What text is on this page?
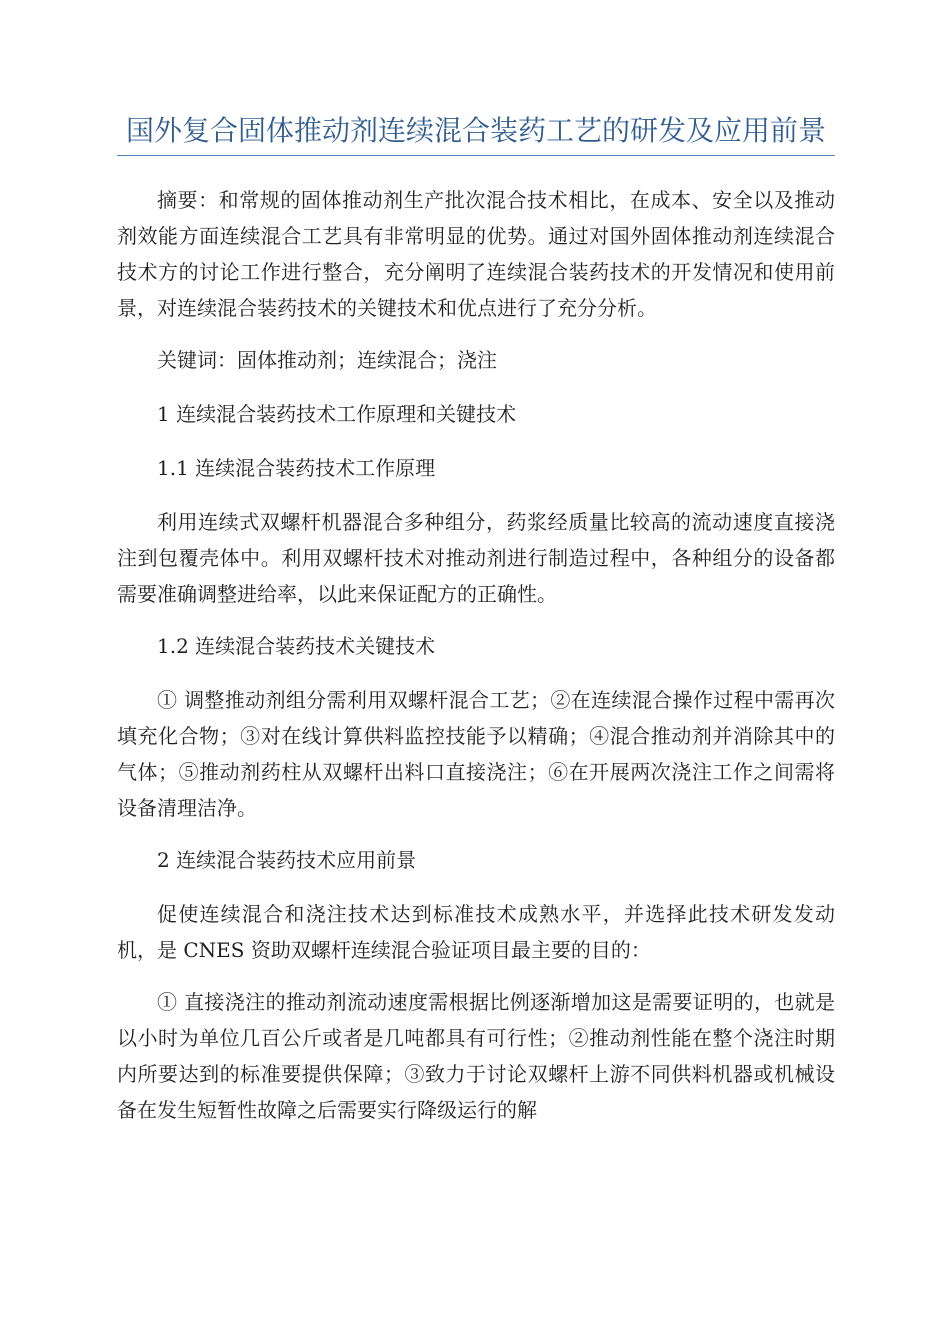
国外复合固体推动剂连续混合装药工艺的研发及应用前景

摘要：和常规的固体推动剂生产批次混合技术相比，在成本、安全以及推动剂效能方面连续混合工艺具有非常明显的优势。通过对国外固体推动剂连续混合技术方的讨论工作进行整合，充分阐明了连续混合装药技术的开发情况和使用前景，对连续混合装药技术的关键技术和优点进行了充分分析。

关键词：固体推动剂；连续混合；浇注

1 连续混合装药技术工作原理和关键技术

1.1 连续混合装药技术工作原理

利用连续式双螺杆机器混合多种组分，药浆经质量比较高的流动速度直接浇注到包覆壳体中。利用双螺杆技术对推动剂进行制造过程中，各种组分的设备都需要准确调整进给率，以此来保证配方的正确性。

1.2 连续混合装药技术关键技术

① 调整推动剂组分需利用双螺杆混合工艺；②在连续混合操作过程中需再次填充化合物；③对在线计算供料监控技能予以精确；④混合推动剂并消除其中的气体；⑤推动剂药柱从双螺杆出料口直接浇注；⑥在开展两次浇注工作之间需将设备清理洁净。

2 连续混合装药技术应用前景

促使连续混合和浇注技术达到标准技术成熟水平，并选择此技术研发发动机，是 CNES 资助双螺杆连续混合验证项目最主要的目的：

① 直接浇注的推动剂流动速度需根据比例逐渐增加这是需要证明的，也就是以小时为单位几百公斤或者是几吨都具有可行性；②推动剂性能在整个浇注时期内所要达到的标准要提供保障；③致力于讨论双螺杆上游不同供料机器或机械设备在发生短暂性故障之后需要实行降级运行的解
